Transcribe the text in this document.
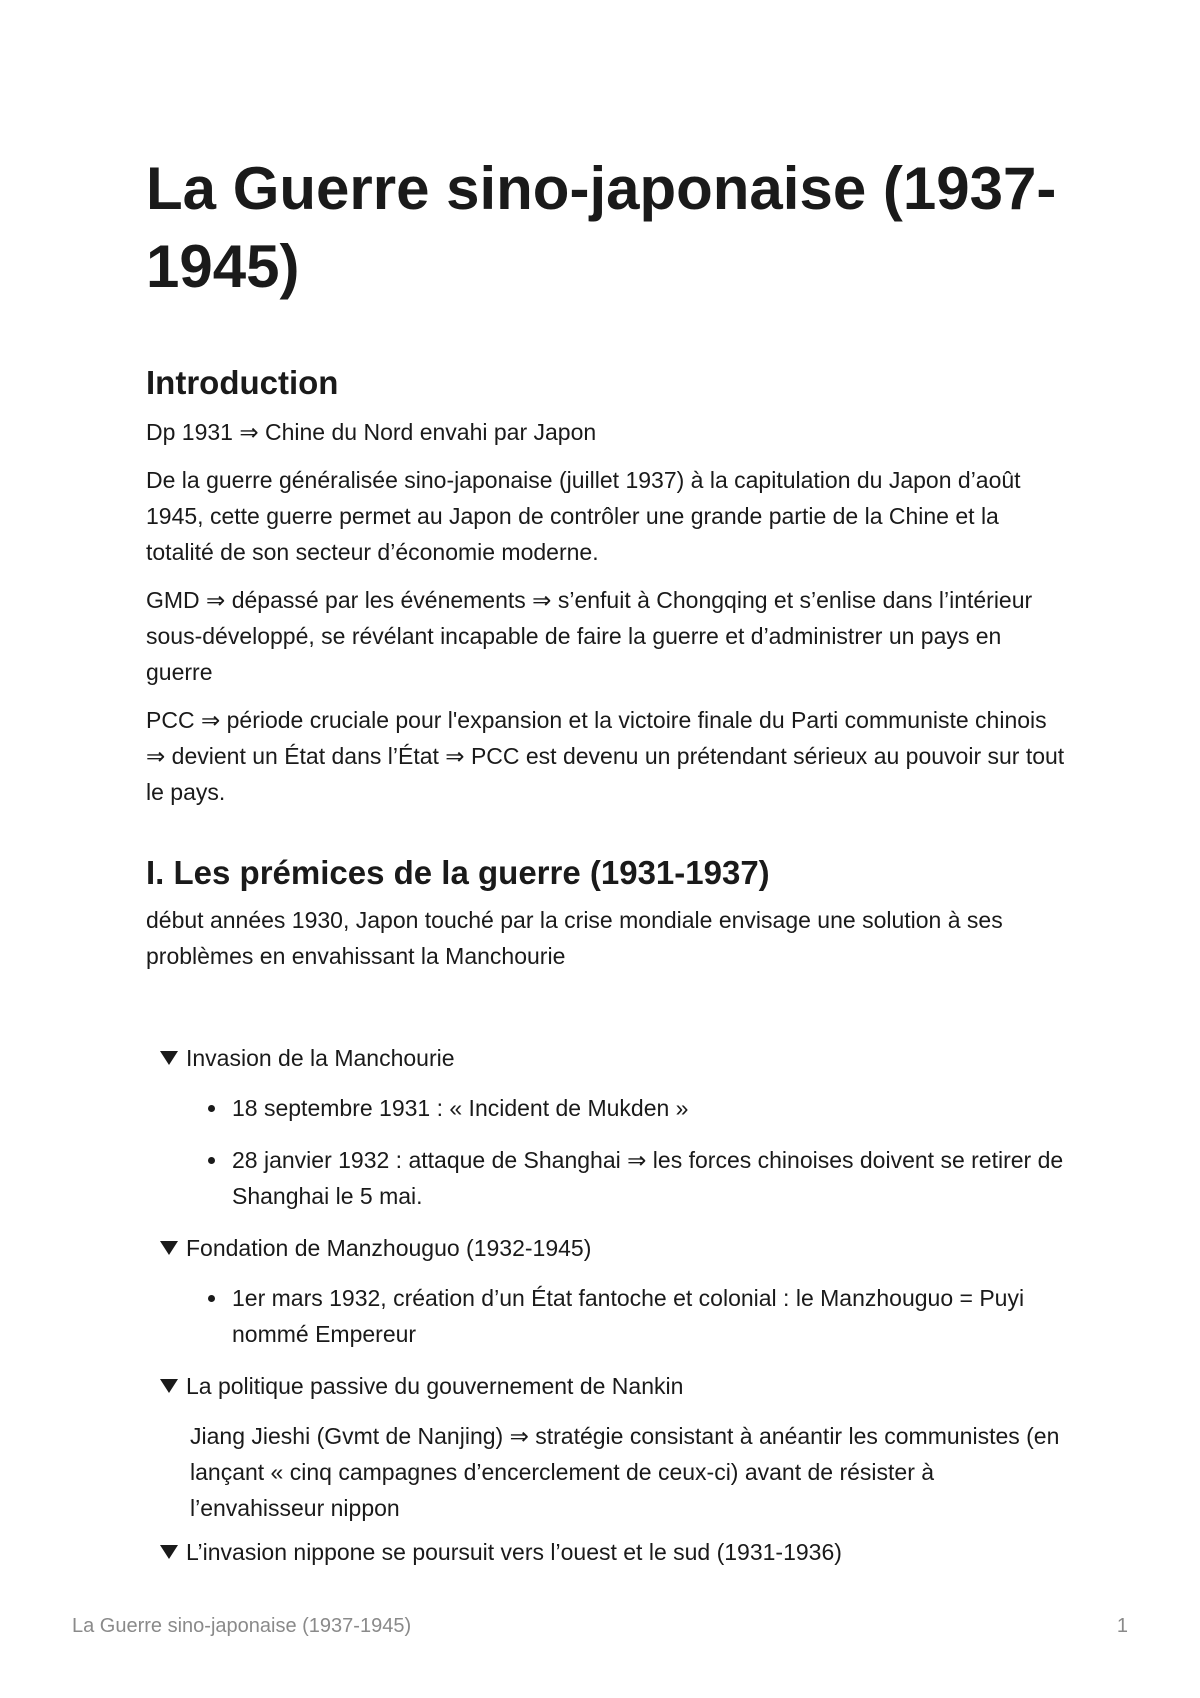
La Guerre sino-japonaise (1937-1945)
Introduction

Dp 1931 ⇒ Chine du Nord envahi par Japon

De la guerre généralisée sino-japonaise (juillet 1937) à la capitulation du Japon d’août 1945, cette guerre permet au Japon de contrôler une grande partie de la Chine et la totalité de son secteur d’économie moderne.

GMD ⇒ dépassé par les événements ⇒ s’enfuit à Chongqing et s’enlise dans l’intérieur sous-développé, se révélant incapable de faire la guerre et d’administrer un pays en guerre

PCC ⇒ période cruciale pour l'expansion et la victoire finale du Parti communiste chinois ⇒ devient un État dans l’État ⇒ PCC est devenu un prétendant sérieux au pouvoir sur tout le pays.

I. Les prémices de la guerre (1931-1937)

début années 1930, Japon touché par la crise mondiale envisage une solution à ses problèmes en envahissant la Manchourie

Invasion de la Manchourie
18 septembre 1931 : « Incident de Mukden »
28 janvier 1932 : attaque de Shanghai ⇒ les forces chinoises doivent se retirer de Shanghai le 5 mai.
Fondation de Manzhouguo (1932-1945)
1er mars 1932, création d’un État fantoche et colonial : le Manzhouguo = Puyi nommé Empereur
La politique passive du gouvernement de Nankin

Jiang Jieshi (Gvmt de Nanjing) ⇒ stratégie consistant à anéantir les communistes (en lançant « cinq campagnes d’encerclement de ceux-ci) avant de résister à l’envahisseur nippon

L’invasion nippone se poursuit vers l’ouest et le sud (1931-1936)
La Guerre sino-japonaise (1937-1945)	1
